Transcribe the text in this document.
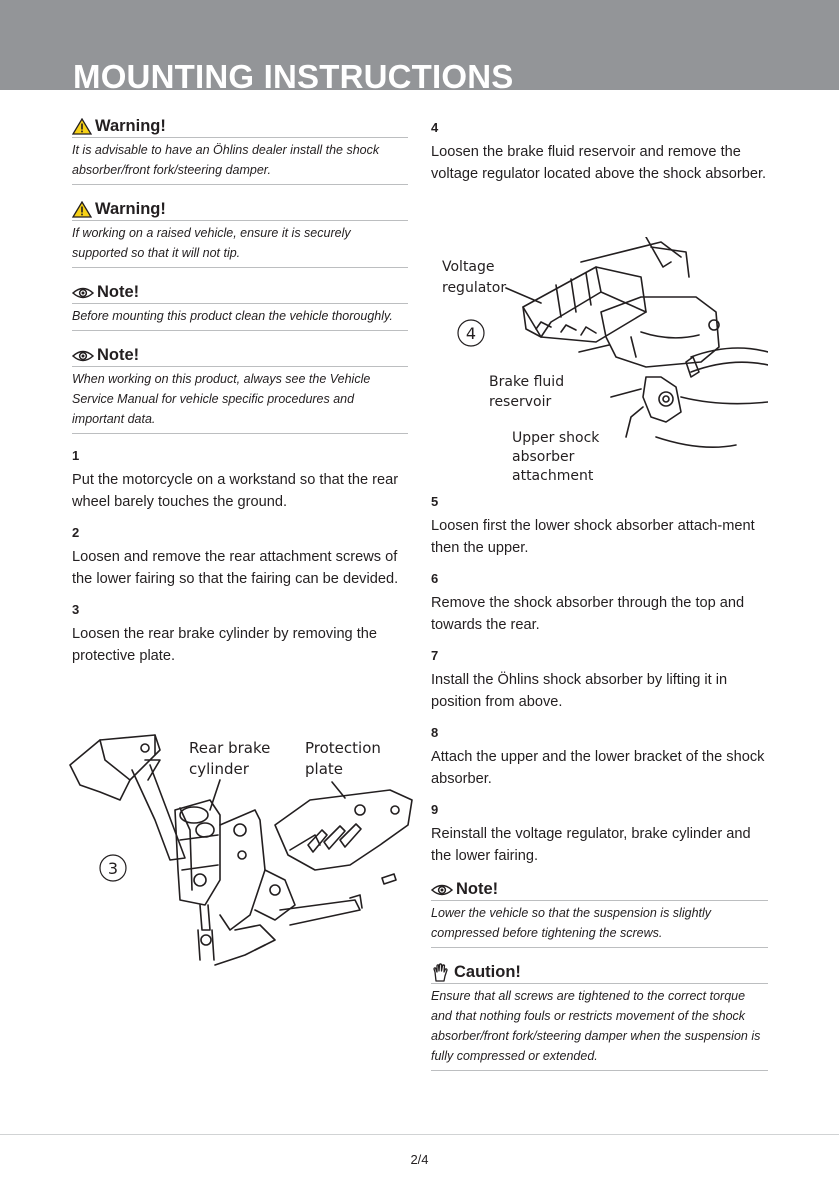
MOUNTING INSTRUCTIONS
Warning!
It is advisable to have an Öhlins dealer install the shock absorber/front fork/steering damper.
Warning!
If working on a raised vehicle, ensure it is securely supported so that it will not tip.
Note!
Before mounting this product clean the vehicle thoroughly.
Note!
When working on this product, always see the Vehicle Service Manual for vehicle specific procedures and important data.
1
Put the motorcycle on a workstand so that the rear wheel barely touches the ground.
2
Loosen and remove the rear attachment screws of the lower fairing so that the fairing can be devided.
3
Loosen the rear brake cylinder by removing the protective plate.
3
Rear brake
cylinder
Protection
plate
4
Loosen the brake fluid reservoir and remove the voltage regulator located above the shock absorber.
4
Voltage
regulator
Brake fluid
reservoir
Upper shock
absorber
attachment
5
Loosen first the lower shock absorber attach-ment then the upper.
6
Remove the shock absorber through the top and towards the rear.
7
Install the Öhlins shock absorber by lifting it in position from above.
8
Attach the upper and the lower bracket of the shock absorber.
9
Reinstall the voltage regulator, brake cylinder and the lower fairing.
Note!
Lower the vehicle so that the suspension is slightly compressed before tightening the screws.
Caution!
Ensure that all screws are tightened to the correct torque and that nothing fouls or restricts movement of the shock absorber/front fork/steering damper when the suspension is fully compressed or extended.
2/4
